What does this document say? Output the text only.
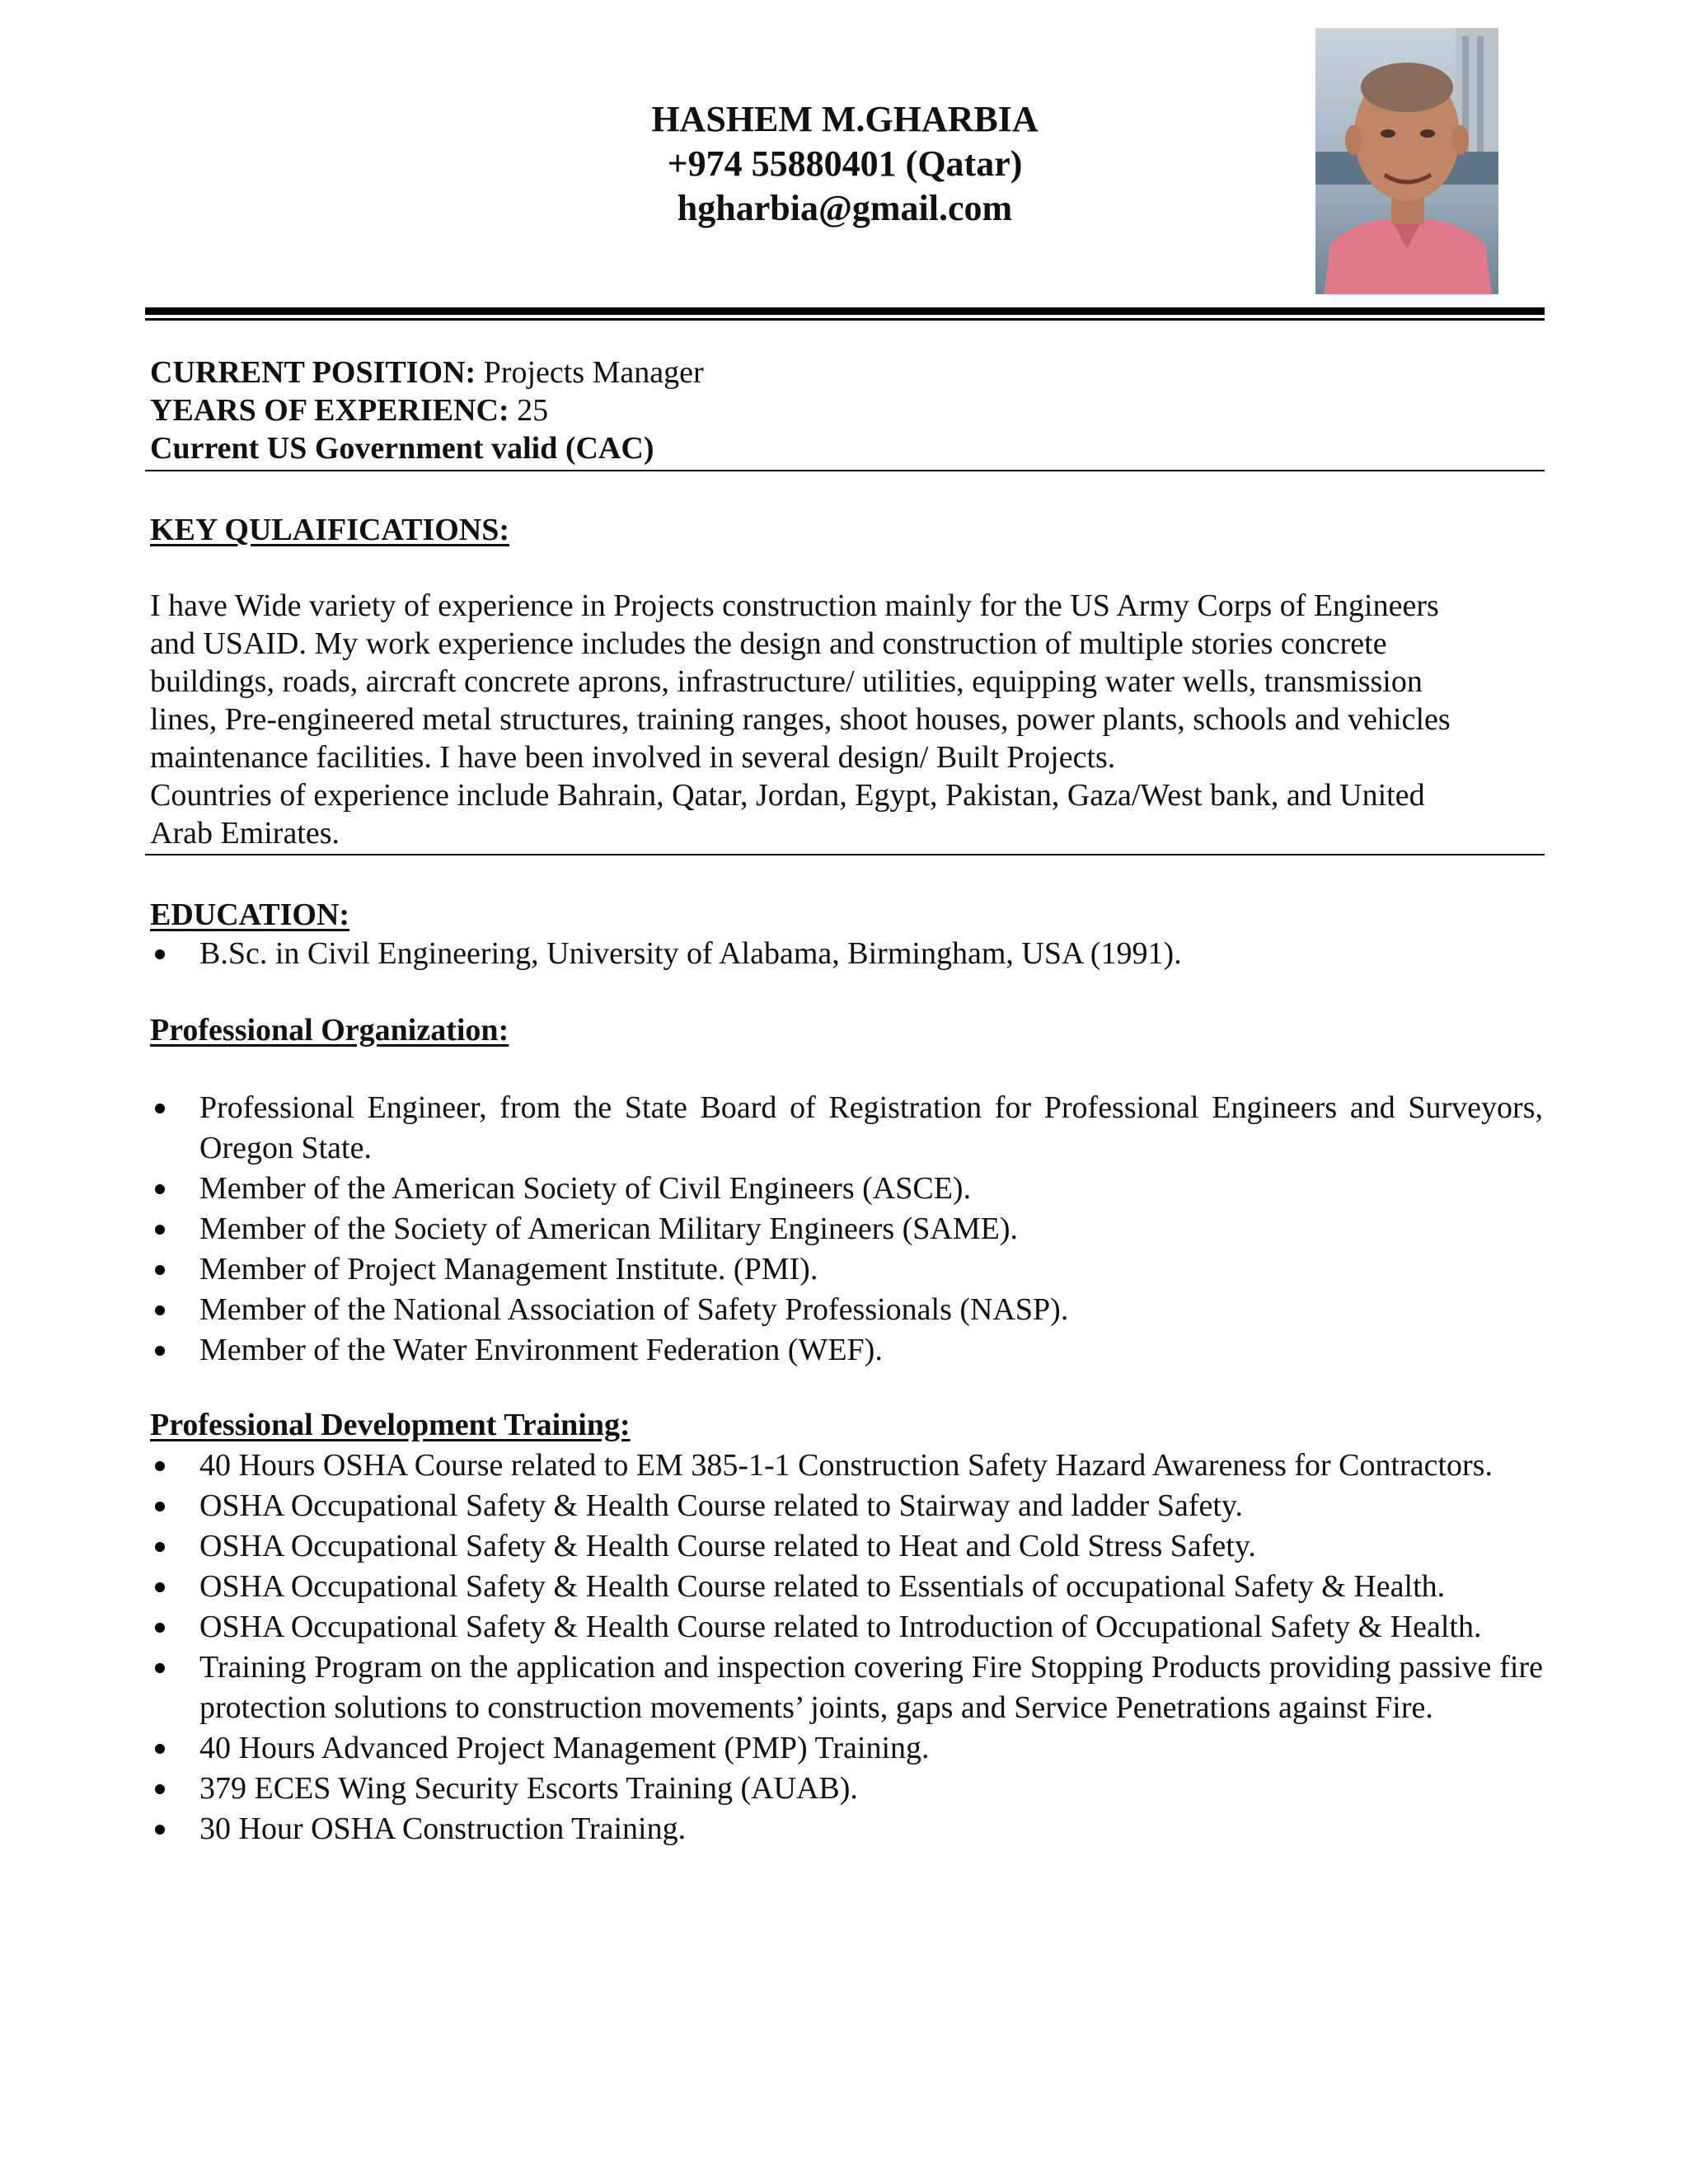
HASHEM M.GHARBIA
+974 55880401 (Qatar)
hgharbia@gmail.com
CURRENT POSITION: Projects Manager
YEARS OF EXPERIENC: 25
Current US Government valid (CAC)
KEY QULAIFICATIONS:
I have Wide variety of experience in Projects construction mainly for the US Army Corps of Engineers
and USAID. My work experience includes the design and construction of multiple stories concrete
buildings, roads, aircraft concrete aprons, infrastructure/ utilities, equipping water wells, transmission
lines, Pre-engineered metal structures, training ranges, shoot houses, power plants, schools and vehicles
maintenance facilities. I have been involved in several design/ Built Projects.
Countries of experience include Bahrain, Qatar, Jordan, Egypt, Pakistan, Gaza/West bank, and United
Arab Emirates.
EDUCATION:
B.Sc. in Civil Engineering, University of Alabama, Birmingham, USA (1991).
Professional Organization:
Professional Engineer, from the State Board of Registration for Professional Engineers and Surveyors, Oregon State.
Member of the American Society of Civil Engineers (ASCE).
Member of the Society of American Military Engineers (SAME).
Member of Project Management Institute. (PMI).
Member of the National Association of Safety Professionals (NASP).
Member of the Water Environment Federation (WEF).
Professional Development Training:
40 Hours OSHA Course related to EM 385-1-1 Construction Safety Hazard Awareness for Contractors.
OSHA Occupational Safety & Health Course related to Stairway and ladder Safety.
OSHA Occupational Safety & Health Course related to Heat and Cold Stress Safety.
OSHA Occupational Safety & Health Course related to Essentials of occupational Safety & Health.
OSHA Occupational Safety & Health Course related to Introduction of Occupational Safety & Health.
Training Program on the application and inspection covering Fire Stopping Products providing passive fire protection solutions to construction movements’ joints, gaps and Service Penetrations against Fire.
40 Hours Advanced Project Management (PMP) Training.
379 ECES Wing Security Escorts Training (AUAB).
30 Hour OSHA Construction Training.
